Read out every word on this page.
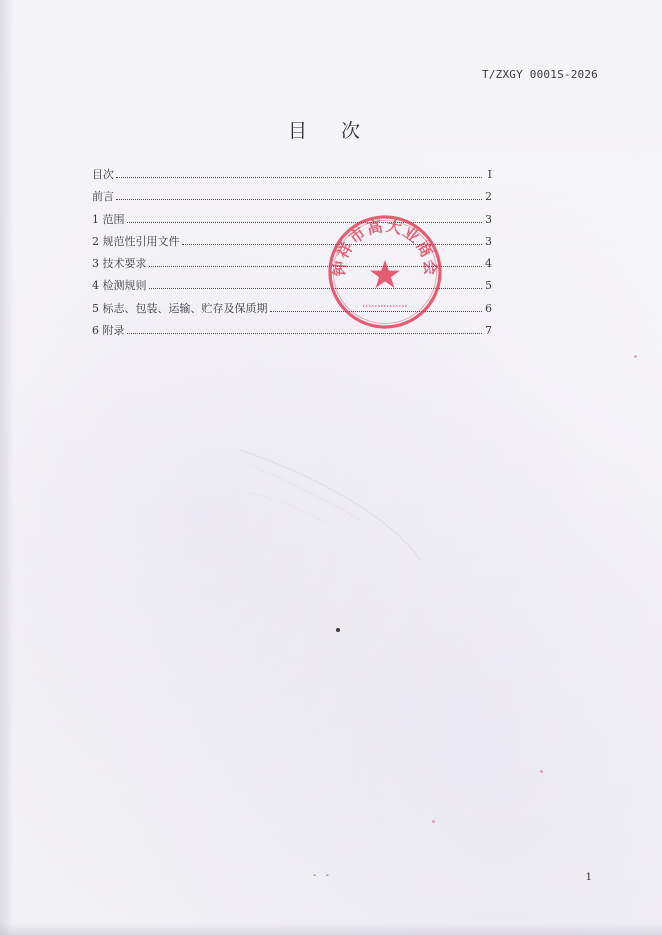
T/ZXGY 0001S-2026
目 次
目次	I
前言	2
1 范围	3
2 规范性引用文件	3
3 技术要求	4
4 检测规则	5
5 标志、包装、运输、贮存及保质期	6
6 附录	7
钟祥市高大业商会
- -	1
